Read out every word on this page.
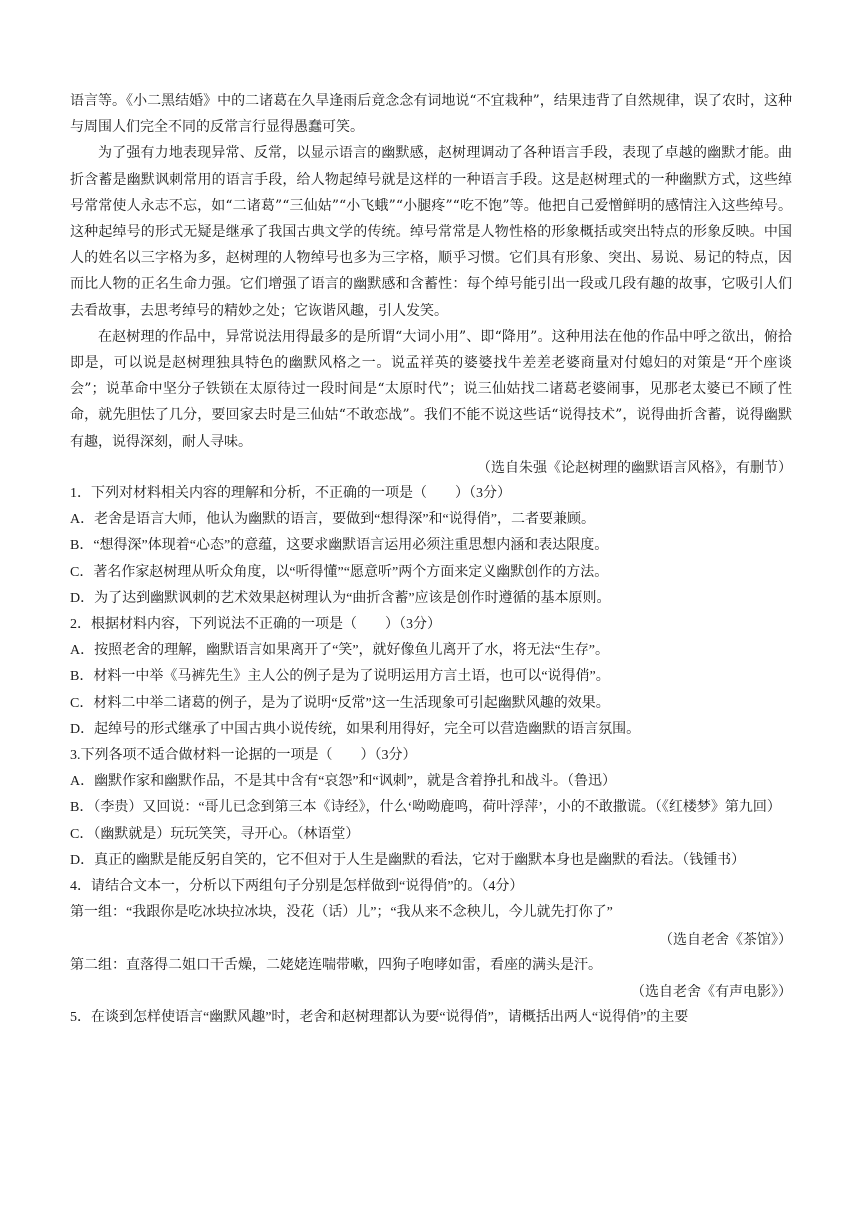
语言等。《小二黑结婚》中的二诸葛在久旱逢雨后竟念念有词地说“不宜栽种”，结果违背了自然规律，误了农时，这种与周围人们完全不同的反常言行显得愚蠢可笑。

为了强有力地表现异常、反常，以显示语言的幽默感，赵树理调动了各种语言手段，表现了卓越的幽默才能。曲折含蓄是幽默讽刺常用的语言手段，给人物起绰号就是这样的一种语言手段。这是赵树理式的一种幽默方式，这些绰号常常使人永志不忘，如“二诸葛”“三仙姑”“小飞蛾”“小腿疼”“吃不饱”等。他把自己爱憎鲜明的感情注入这些绰号。这种起绰号的形式无疑是继承了我国古典文学的传统。绰号常常是人物性格的形象概括或突出特点的形象反映。中国人的姓名以三字格为多，赵树理的人物绰号也多为三字格，顺乎习惯。它们具有形象、突出、易说、易记的特点，因而比人物的正名生命力强。它们增强了语言的幽默感和含蓄性：每个绰号能引出一段或几段有趣的故事，它吸引人们去看故事，去思考绰号的精妙之处；它诙谐风趣，引人发笑。

在赵树理的作品中，异常说法用得最多的是所谓“大词小用”、即“降用”。这种用法在他的作品中呼之欲出，俯拾即是，可以说是赵树理独具特色的幽默风格之一。说孟祥英的婆婆找牛差差老婆商量对付媳妇的对策是“开个座谈会”；说革命中坚分子铁锁在太原待过一段时间是“太原时代”；说三仙姑找二诸葛老婆闹事，见那老太婆已不顾了性命，就先胆怯了几分，要回家去时是三仙姑“不敢恋战”。我们不能不说这些话“说得技术”，说得曲折含蓄，说得幽默有趣，说得深刻，耐人寻味。

（选自朱强《论赵树理的幽默语言风格》，有删节）

1．下列对材料相关内容的理解和分析，不正确的一项是（　　）（3分）

A．老舍是语言大师，他认为幽默的语言，要做到“想得深”和“说得俏”，二者要兼顾。

B．“想得深”体现着“心态”的意蕴，这要求幽默语言运用必须注重思想内涵和表达限度。

C．著名作家赵树理从听众角度，以“听得懂”“愿意听”两个方面来定义幽默创作的方法。

D．为了达到幽默讽刺的艺术效果赵树理认为“曲折含蓄”应该是创作时遵循的基本原则。

2．根据材料内容，下列说法不正确的一项是（　　）（3分）

A．按照老舍的理解，幽默语言如果离开了“笑”，就好像鱼儿离开了水，将无法“生存”。

B．材料一中举《马裤先生》主人公的例子是为了说明运用方言土语，也可以“说得俏”。

C．材料二中举二诸葛的例子，是为了说明“反常”这一生活现象可引起幽默风趣的效果。

D．起绰号的形式继承了中国古典小说传统，如果利用得好，完全可以营造幽默的语言氛围。

3.下列各项不适合做材料一论据的一项是（　　）（3分）

A．幽默作家和幽默作品，不是其中含有“哀怨”和“讽刺”，就是含着挣扎和战斗。（鲁迅）

B．（李贵）又回说：“哥儿已念到第三本《诗经》，什么‘呦呦鹿鸣，荷叶浮萍’，小的不敢撒谎。（《红楼梦》第九回）

C．（幽默就是）玩玩笑笑，寻开心。（林语堂）

D．真正的幽默是能反躬自笑的，它不但对于人生是幽默的看法，它对于幽默本身也是幽默的看法。（钱锺书）

4．请结合文本一，分析以下两组句子分别是怎样做到“说得俏”的。（4分）

第一组：“我跟你是吃冰块拉冰块，没花（话）儿”；“我从来不念秧儿，今儿就先打你了”

（选自老舍《茶馆》）

第二组：直落得二姐口干舌燥，二姥姥连喘带嗽，四狗子咆哮如雷，看座的满头是汗。

（选自老舍《有声电影》）

5．在谈到怎样使语言“幽默风趣”时，老舍和赵树理都认为要“说得俏”，请概括出两人“说得俏”的主要
